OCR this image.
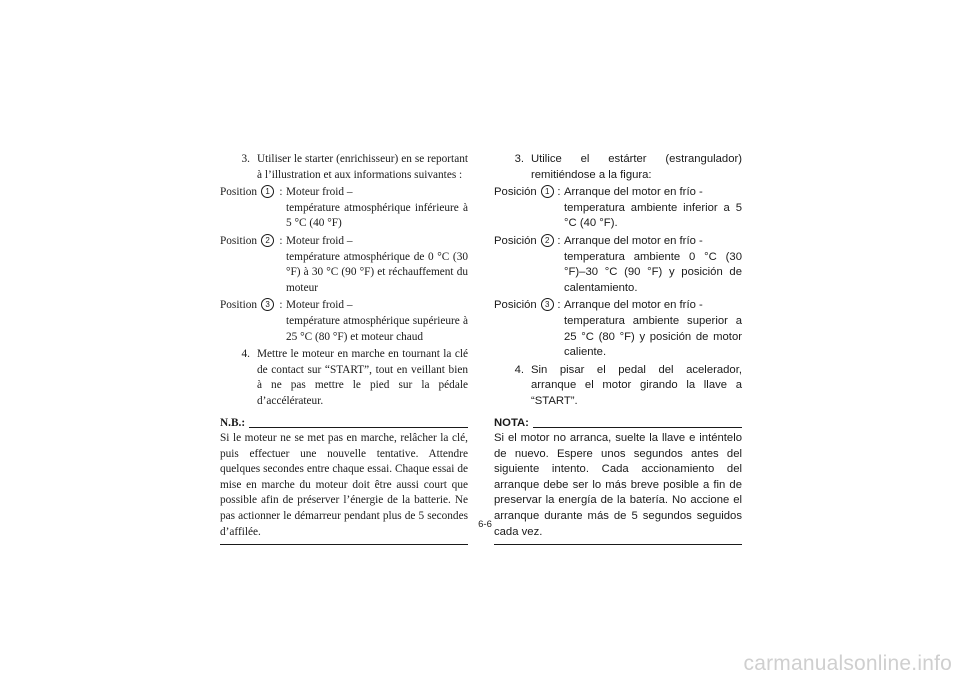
3. Utiliser le starter (enrichisseur) en se reportant à l’illustration et aux informations suivantes :
Position 1 : Moteur froid –
température atmosphérique inférieure à 5 °C (40 °F)
Position 2 : Moteur froid –
température atmosphérique de 0 °C (30 °F) à 30 °C (90 °F) et réchauffement du moteur
Position 3 : Moteur froid –
température atmosphérique supérieure à 25 °C (80 °F) et moteur chaud
4. Mettre le moteur en marche en tournant la clé de contact sur “START”, tout en veillant bien à ne pas mettre le pied sur la pédale d’accélérateur.
N.B.:
Si le moteur ne se met pas en marche, relâcher la clé, puis effectuer une nouvelle tentative. Attendre quelques secondes entre chaque essai. Chaque essai de mise en marche du moteur doit être aussi court que possible afin de préserver l’énergie de la batterie. Ne pas actionner le démarreur pendant plus de 5 secondes d’affilée.
3. Utilice el estárter (estrangulador) remitiéndose a la figura:
Posición 1 : Arranque del motor en frío -
temperatura ambiente inferior a 5 °C (40 °F).
Posición 2 : Arranque del motor en frío -
temperatura ambiente 0 °C (30 °F)–30 °C (90 °F) y posición de calentamiento.
Posición 3 : Arranque del motor en frío -
temperatura ambiente superior a 25 °C (80 °F) y posición de motor caliente.
4. Sin pisar el pedal del acelerador, arranque el motor girando la llave a “START”.
NOTA:
Si el motor no arranca, suelte la llave e inténtelo de nuevo. Espere unos segundos antes del siguiente intento. Cada accionamiento del arranque debe ser lo más breve posible a fin de preservar la energía de la batería. No accione el arranque durante más de 5 segundos seguidos cada vez.
6-6
carmanualsonline.info
